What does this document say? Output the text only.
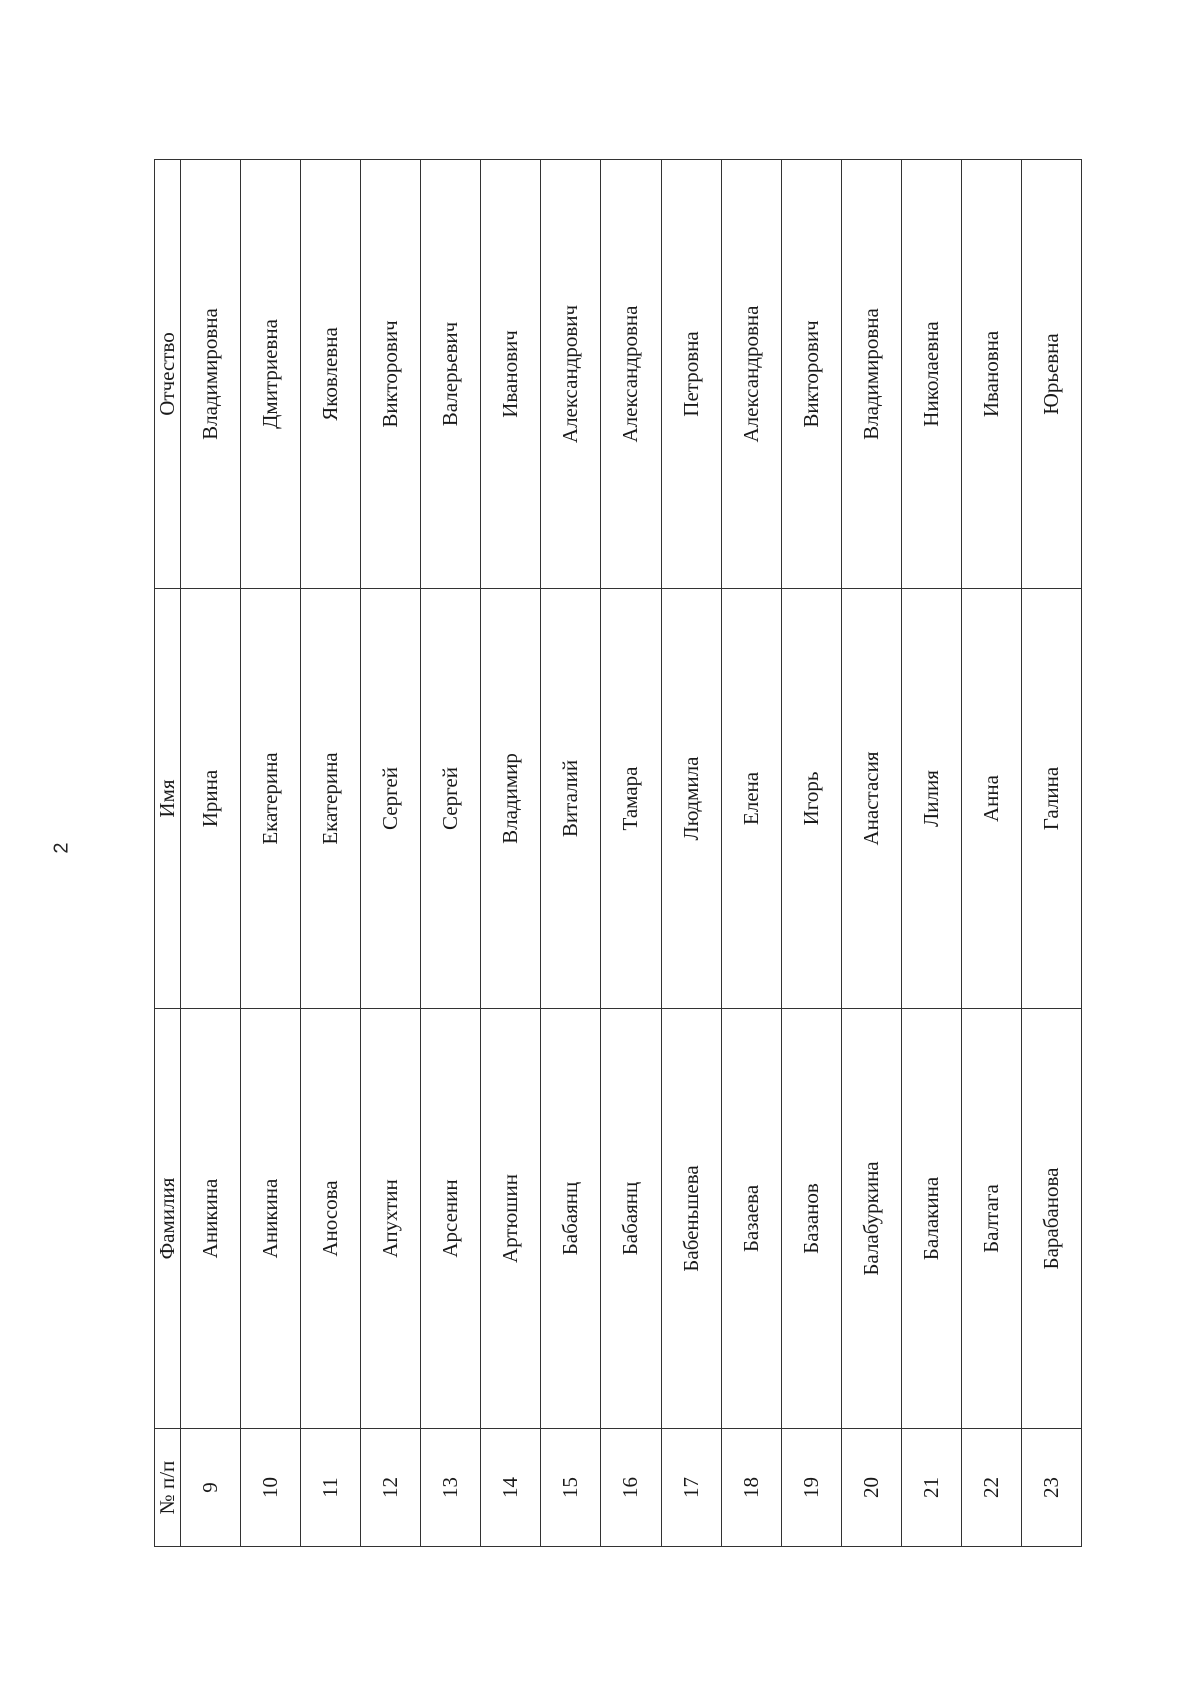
2
№ п/п	Фамилия	Имя	Отчество
9	Аникина	Ирина	Владимировна
10	Аникина	Екатерина	Дмитриевна
11	Аносова	Екатерина	Яковлевна
12	Апухтин	Сергей	Викторович
13	Арсенин	Сергей	Валерьевич
14	Артюшин	Владимир	Иванович
15	Бабаянц	Виталий	Александрович
16	Бабаянц	Тамара	Александровна
17	Бабеньшева	Людмила	Петровна
18	Базаева	Елена	Александровна
19	Базанов	Игорь	Викторович
20	Балабуркина	Анастасия	Владимировна
21	Балакина	Лилия	Николаевна
22	Балтага	Анна	Ивановна
23	Барабанова	Галина	Юрьевна
